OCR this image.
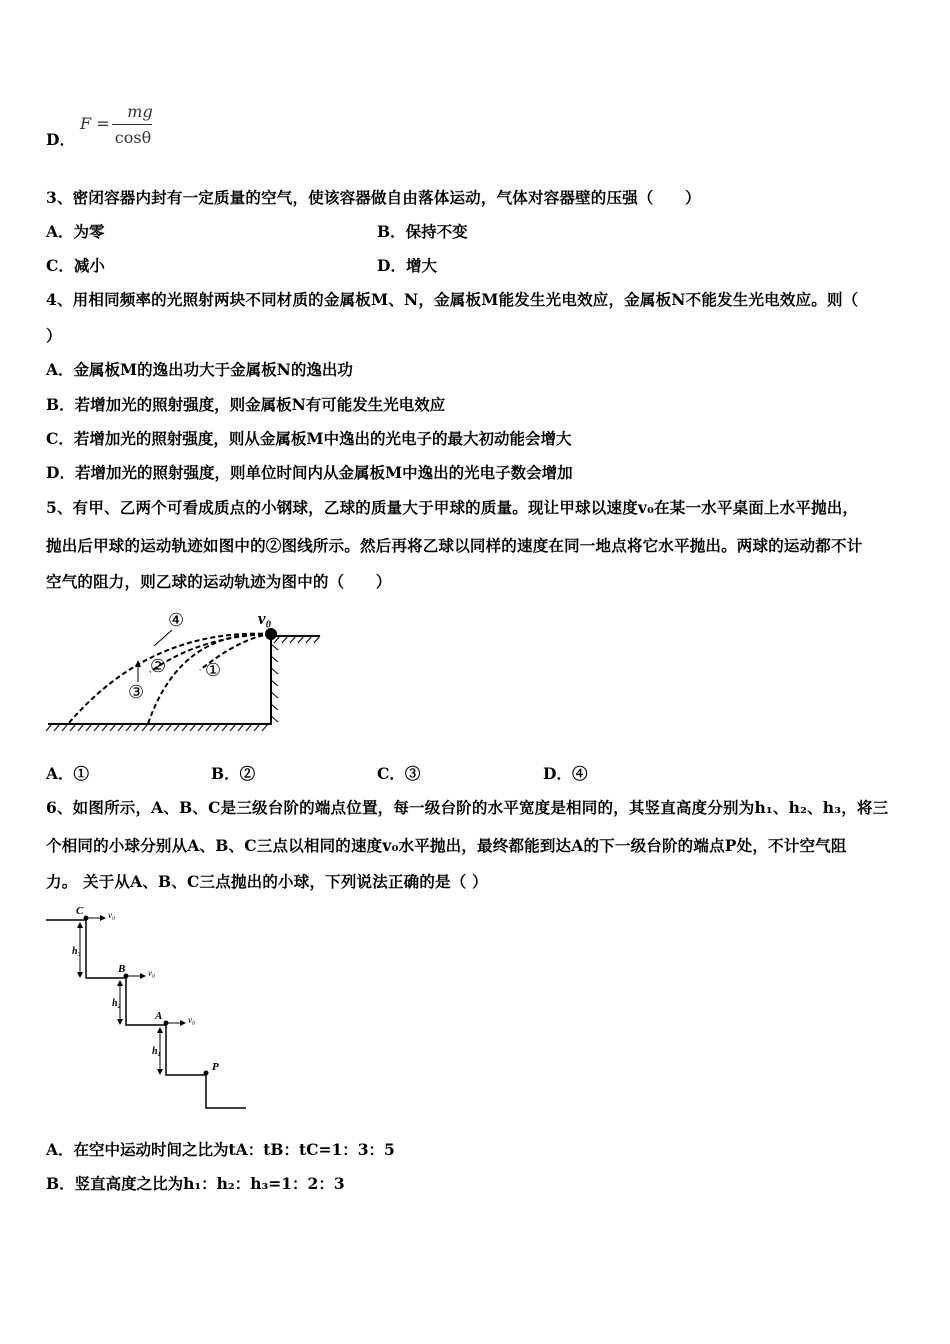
D．
F =
mg
cosθ
3、密闭容器内封有一定质量的空气，使该容器做自由落体运动，气体对容器壁的压强（　　）
A．为零	B．保持不变
C．减小	D．增大
4、用相同频率的光照射两块不同材质的金属板M、N，金属板M能发生光电效应，金属板N不能发生光电效应。则（
）
A．金属板M的逸出功大于金属板N的逸出功
B．若增加光的照射强度，则金属板N有可能发生光电效应
C．若增加光的照射强度，则从金属板M中逸出的光电子的最大初动能会增大
D．若增加光的照射强度，则单位时间内从金属板M中逸出的光电子数会增加
5、有甲、乙两个可看成质点的小钢球，乙球的质量大于甲球的质量。现让甲球以速度v₀在某一水平桌面上水平抛出，
抛出后甲球的运动轨迹如图中的②图线所示。然后再将乙球以同样的速度在同一地点将它水平抛出。两球的运动都不计
空气的阻力，则乙球的运动轨迹为图中的（　　）
v₀
④
② ①
③
A．①	B．②	C．③	D．④
6、如图所示，A、B、C是三级台阶的端点位置，每一级台阶的水平宽度是相同的，其竖直高度分别为h₁、h₂、h₃，将三
个相同的小球分别从A、B、C三点以相同的速度v₀水平抛出，最终都能到达A的下一级台阶的端点P处，不计空气阻
力。 关于从A、B、C三点抛出的小球，下列说法正确的是（ ）
C
B
A
P
v₀
v₀
v₀
h₃
h₂
h₁
A．在空中运动时间之比为tA：tB：tC=1：3：5
B．竖直高度之比为h₁：h₂：h₃=1：2：3
